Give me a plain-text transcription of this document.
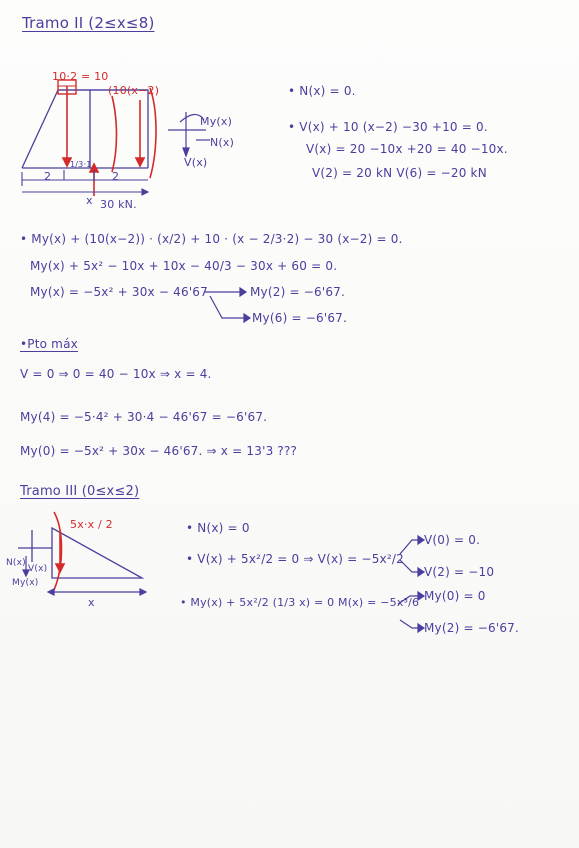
Tramo II (2≤x≤8)
10·2 = 10
(10(x−2)
My(x)
N(x)
V(x)
2
1/3·1
2
x 30 kN.
• N(x) = 0.
• V(x) + 10 (x−2) −30 +10 = 0.
V(x) = 20 −10x +20 = 40 −10x.
V(2) = 20 kN V(6) = −20 kN
• My(x) + (10(x−2)) · (x/2) + 10 · (x − 2/3·2) − 30 (x−2) = 0.
My(x) + 5x² − 10x + 10x − 40/3 − 30x + 60 = 0.
My(x) = −5x² + 30x − 46'67	My(2) = −6'67.
My(6) = −6'67.
•Pto máx
V = 0 ⇒ 0 = 40 − 10x ⇒ x = 4.
My(4) = −5·4² + 30·4 − 46'67 = −6'67.
My(0) = −5x² + 30x − 46'67. ⇒ x = 13'3 ???
Tramo III (0≤x≤2)
5x·x / 2
N(x)
V(x)
My(x)
x
• N(x) = 0
• V(x) + 5x²/2 = 0 ⇒ V(x) = −5x²/2
V(0) = 0.
V(2) = −10
• My(x) + 5x²/2 (1/3 x) = 0 M(x) = −5x³/6 My(0) = 0
My(2) = −6'67.
